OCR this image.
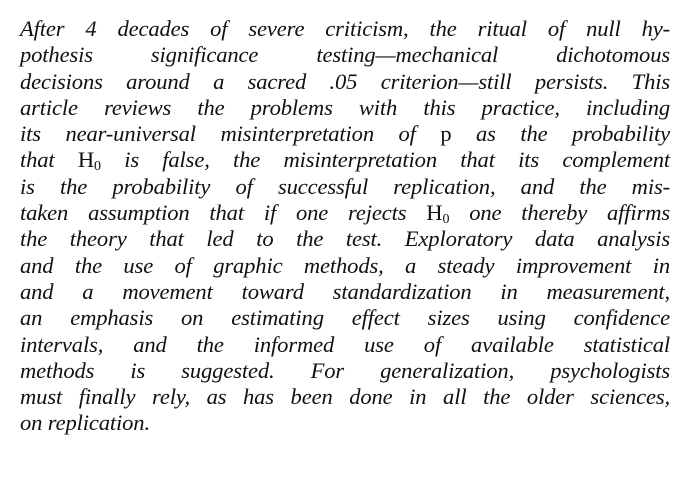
After 4 decades of severe criticism, the ritual of null hy-
pothesis significance testing—mechanical dichotomous
decisions around a sacred .05 criterion—still persists. This
article reviews the problems with this practice, including
its near-universal misinterpretation of p as the probability
that $H_0$ is false, the misinterpretation that its complement
is the probability of successful replication, and the mis-
taken assumption that if one rejects $H_0$ one thereby affirms
the theory that led to the test. Exploratory data analysis
and the use of graphic methods, a steady improvement in
and a movement toward standardization in measurement,
an emphasis on estimating effect sizes using confidence
intervals, and the informed use of available statistical
methods is suggested. For generalization, psychologists
must finally rely, as has been done in all the older sciences,
on replication.
